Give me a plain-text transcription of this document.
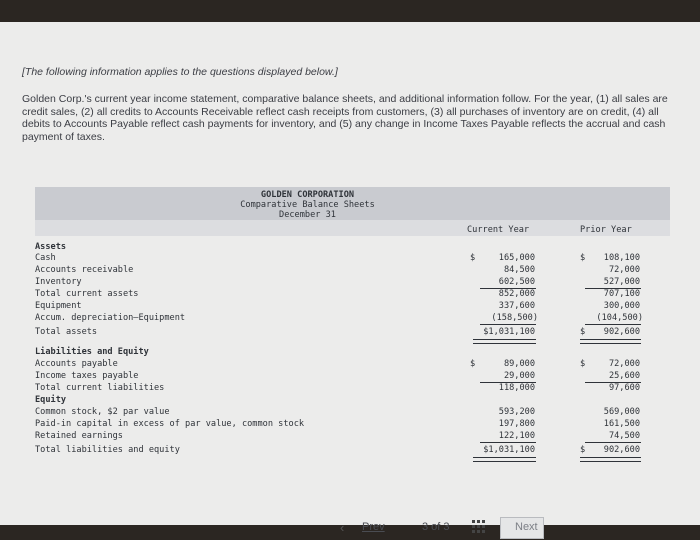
[The following information applies to the questions displayed below.]
Golden Corp.'s current year income statement, comparative balance sheets, and additional information follow. For the year, (1) all sales are credit sales, (2) all credits to Accounts Receivable reflect cash receipts from customers, (3) all purchases of inventory are on credit, (4) all debits to Accounts Payable reflect cash payments for inventory, and (5) any change in Income Taxes Payable reflects the accrual and cash payment of taxes.
GOLDEN CORPORATION
Comparative Balance Sheets
December 31
Current Year	Prior Year
Assets
Cash	$	165,000	$	108,100
Accounts receivable	84,500	72,000
Inventory	602,500	527,000
Total current assets	852,000	707,100
Equipment	337,600	300,000
Accum. depreciation—Equipment	(158,500)	(104,500)
Total assets	$1,031,100	$	902,600
Liabilities and Equity
Accounts payable	$	89,000	$	72,000
Income taxes payable	29,000	25,600
Total current liabilities	118,000	97,600
Equity
Common stock, $2 par value	593,200	569,000
Paid-in capital in excess of par value, common stock	197,800	161,500
Retained earnings	122,100	74,500
Total liabilities and equity	$1,031,100	$	902,600
‹ Prev	3 of 3	Next
